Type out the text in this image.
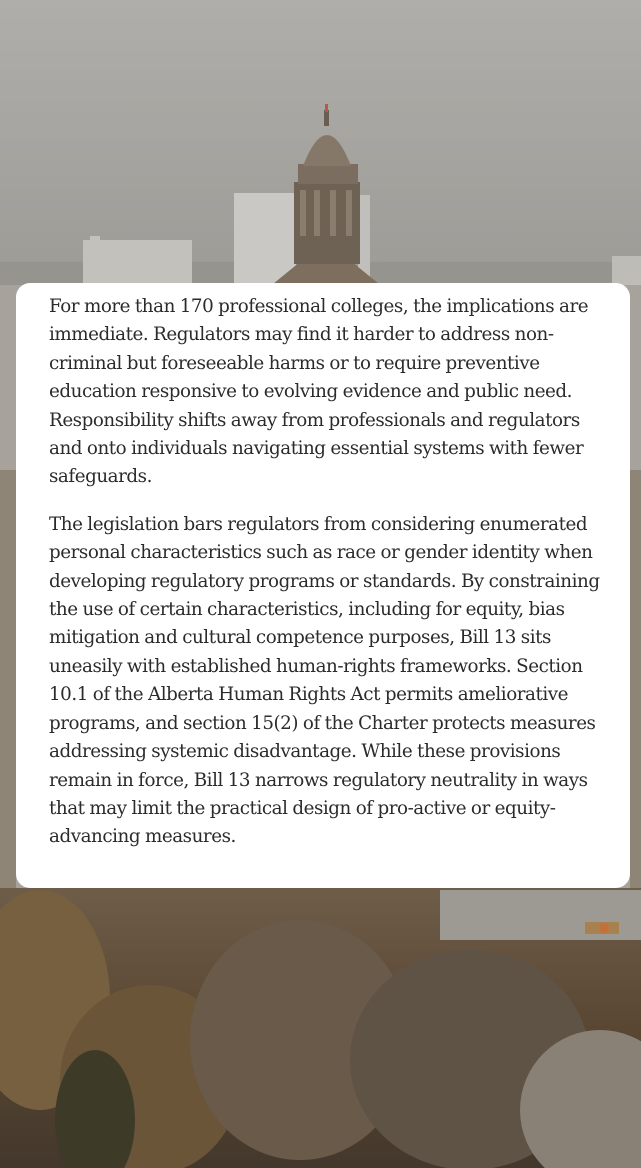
For more than 170 professional colleges, the implications are immediate. Regulators may find it harder to address non-criminal but foreseeable harms or to require preventive education responsive to evolving evidence and public need. Responsibility shifts away from professionals and regulators and onto individuals navigating essential systems with fewer safeguards.

The legislation bars regulators from considering enumerated personal characteristics such as race or gender identity when developing regulatory programs or standards. By constraining the use of certain characteristics, including for equity, bias mitigation and cultural competence purposes, Bill 13 sits uneasily with established human-rights frameworks. Section 10.1 of the Alberta Human Rights Act permits ameliorative programs, and section 15(2) of the Charter protects measures addressing systemic disadvantage. While these provisions remain in force, Bill 13 narrows regulatory neutrality in ways that may limit the practical design of pro-active or equity-advancing measures.
